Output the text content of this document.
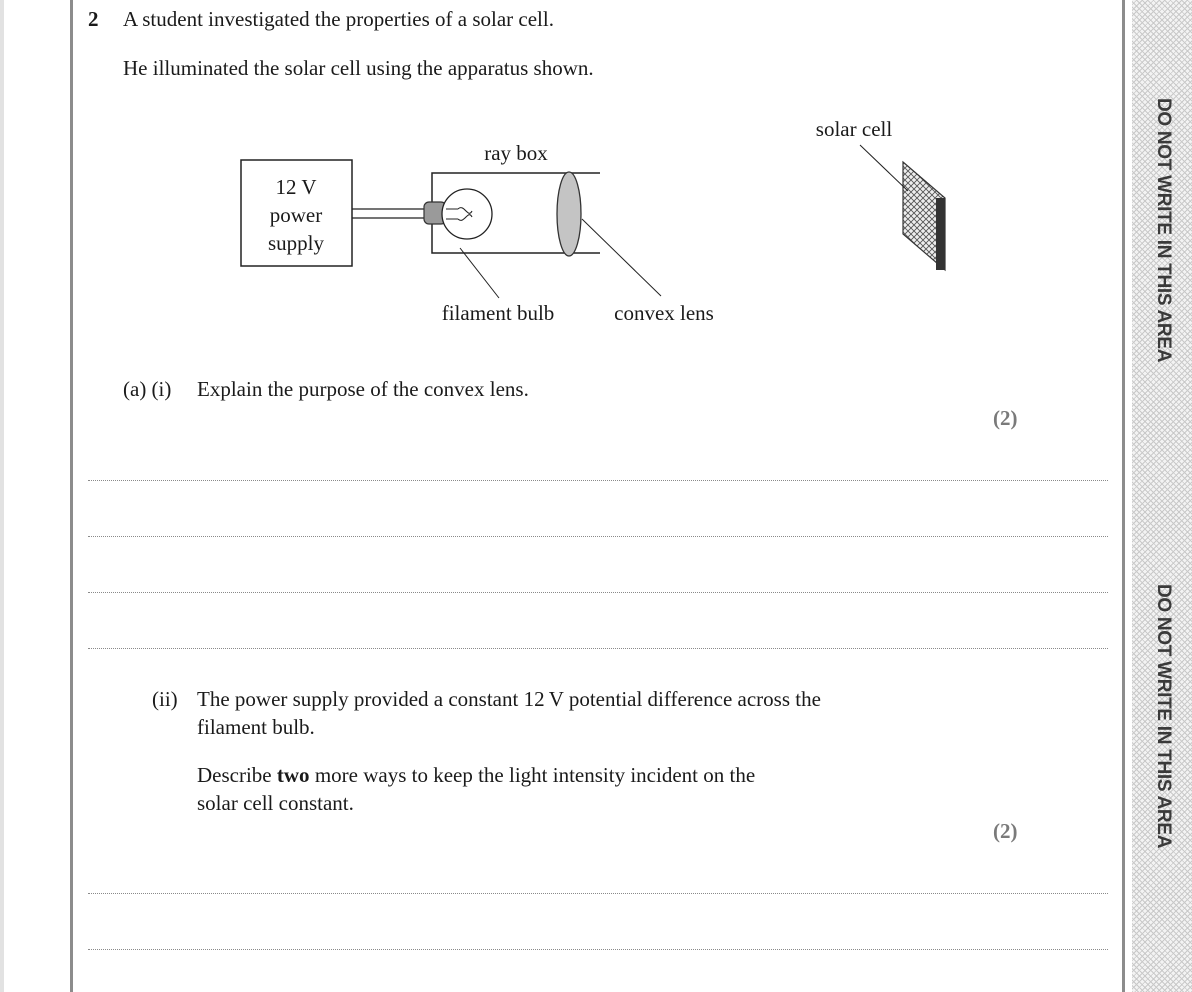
DO NOT WRITE IN THIS AREA
DO NOT WRITE IN THIS AREA
2 A student investigated the properties of a solar cell.
He illuminated the solar cell using the apparatus shown.
12 V
power
supply
ray box
solar cell
filament bulb	convex lens
(a) (i) Explain the purpose of the convex lens.
(2)
(ii) The power supply provided a constant 12 V potential difference across the
filament bulb.
Describe two more ways to keep the light intensity incident on the
solar cell constant.
(2)
